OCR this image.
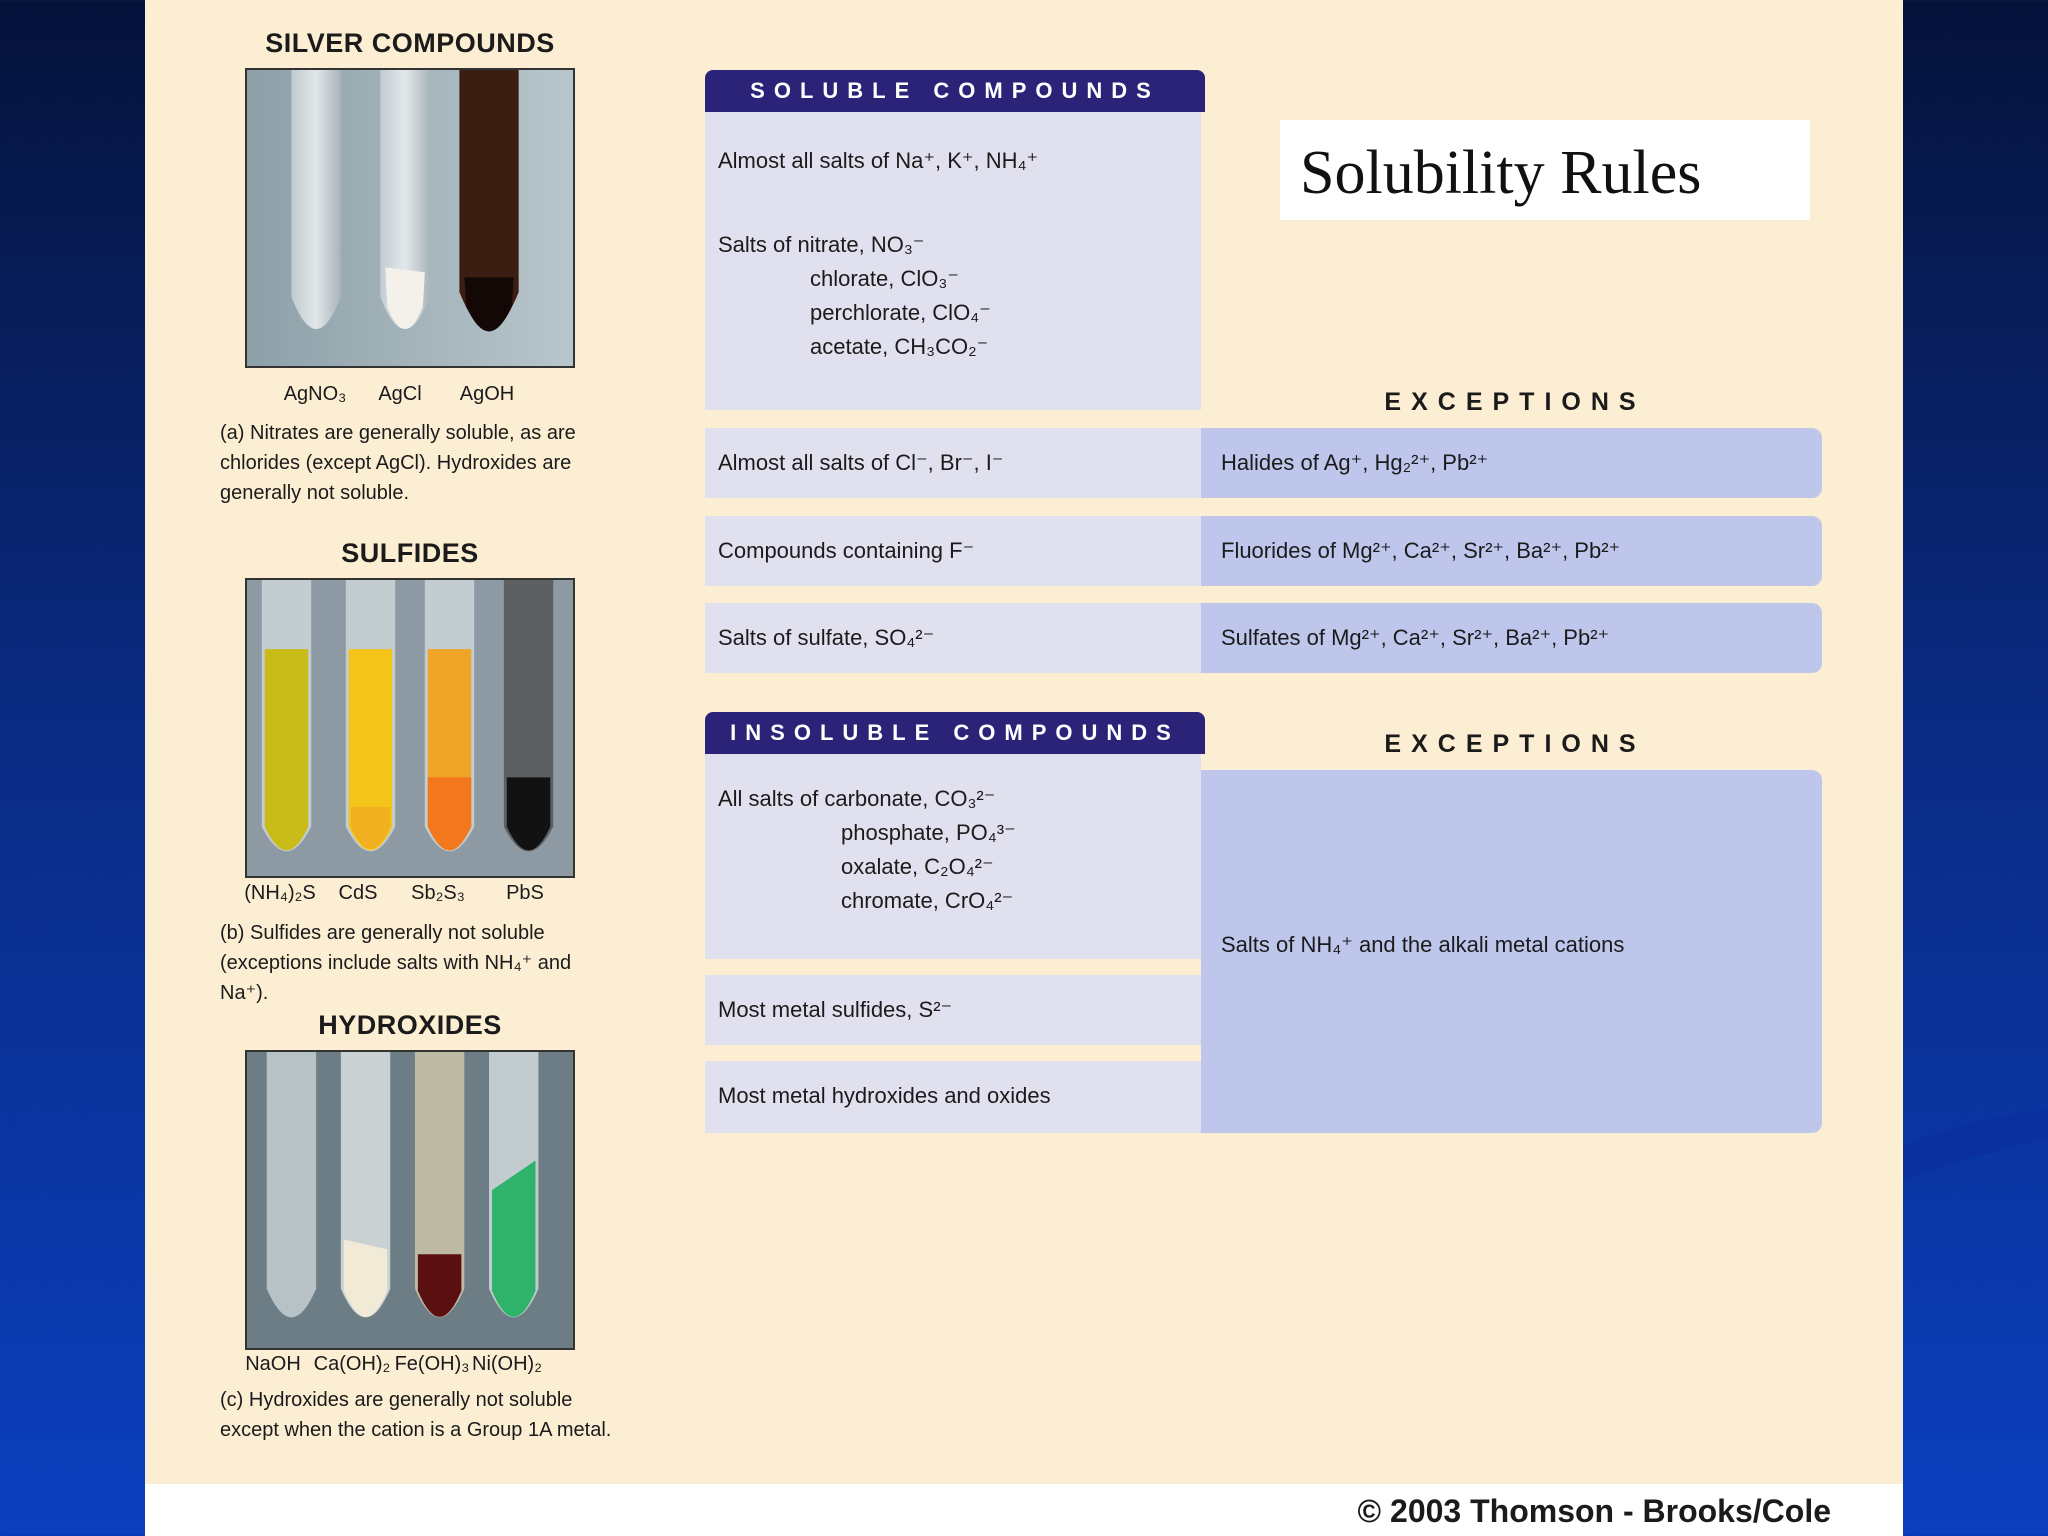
SILVER COMPOUNDS
AgNO₃ AgCl AgOH
(a) Nitrates are generally soluble, as are chlorides (except AgCl). Hydroxides are generally not soluble.
SULFIDES
(NH₄)₂S CdS Sb₂S₃ PbS
(b) Sulfides are generally not soluble (exceptions include salts with NH₄⁺ and Na⁺).
HYDROXIDES
NaOH Ca(OH)₂ Fe(OH)₃ Ni(OH)₂
(c) Hydroxides are generally not soluble except when the cation is a Group 1A metal.
SOLUBLE COMPOUNDS
Almost all salts of Na⁺, K⁺, NH₄⁺
Salts of nitrate, NO₃⁻
chlorate, ClO₃⁻
perchlorate, ClO₄⁻
acetate, CH₃CO₂⁻
EXCEPTIONS
Almost all salts of Cl⁻, Br⁻, I⁻	Halides of Ag⁺, Hg₂²⁺, Pb²⁺
Compounds containing F⁻	Fluorides of Mg²⁺, Ca²⁺, Sr²⁺, Ba²⁺, Pb²⁺
Salts of sulfate, SO₄²⁻	Sulfates of Mg²⁺, Ca²⁺, Sr²⁺, Ba²⁺, Pb²⁺
INSOLUBLE COMPOUNDS	EXCEPTIONS
All salts of carbonate, CO₃²⁻
phosphate, PO₄³⁻
oxalate, C₂O₄²⁻
chromate, CrO₄²⁻
Most metal sulfides, S²⁻
Most metal hydroxides and oxides
Salts of NH₄⁺ and the alkali metal cations
Solubility Rules
© 2003 Thomson - Brooks/Cole
